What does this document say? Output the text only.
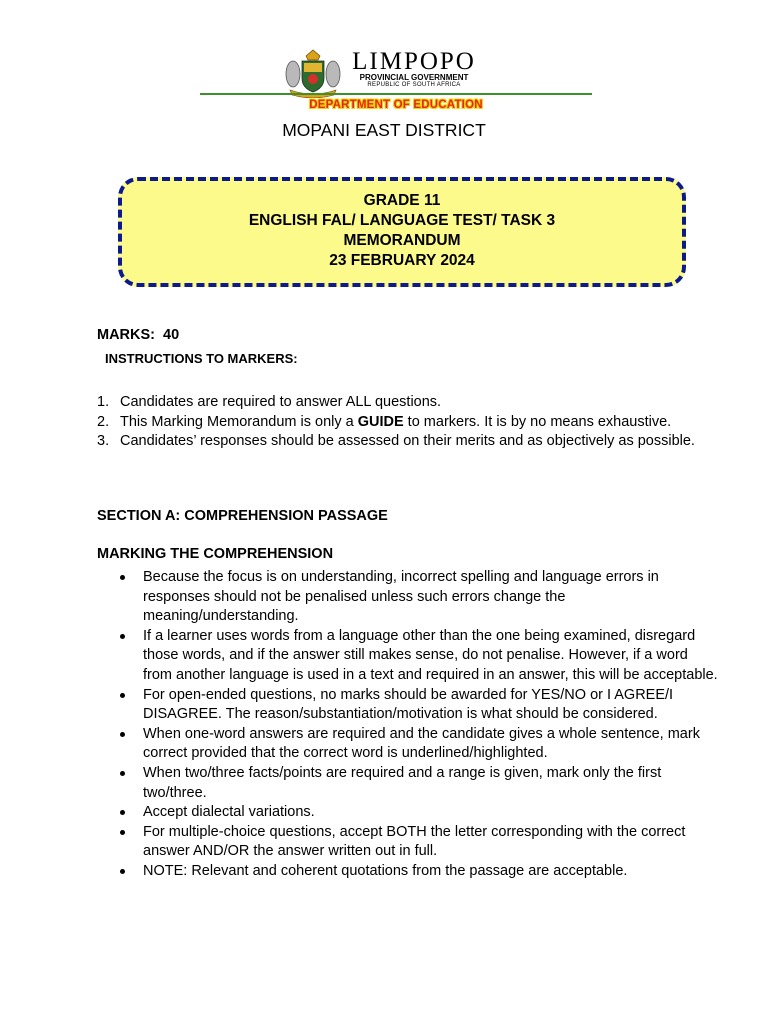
LIMPOPO
PROVINCIAL GOVERNMENT
REPUBLIC OF SOUTH AFRICA
DEPARTMENT OF EDUCATION
MOPANI EAST DISTRICT
GRADE 11
ENGLISH FAL/ LANGUAGE TEST/ TASK 3
MEMORANDUM
23 FEBRUARY 2024
MARKS:  40
INSTRUCTIONS TO MARKERS:
1. Candidates are required to answer ALL questions.
2. This Marking Memorandum is only a GUIDE to markers. It is by no means exhaustive.
3. Candidates’ responses should be assessed on their merits and as objectively as possible.
SECTION A: COMPREHENSION PASSAGE
MARKING THE COMPREHENSION
Because the focus is on understanding, incorrect spelling and language errors in responses should not be penalised unless such errors change the meaning/understanding.
If a learner uses words from a language other than the one being examined, disregard those words, and if the answer still makes sense, do not penalise. However, if a word from another language is used in a text and required in an answer, this will be acceptable.
For open-ended questions, no marks should be awarded for YES/NO or I AGREE/I DISAGREE. The reason/substantiation/motivation is what should be considered.
When one-word answers are required and the candidate gives a whole sentence, mark correct provided that the correct word is underlined/highlighted.
When two/three facts/points are required and a range is given, mark only the first two/three.
Accept dialectal variations.
For multiple-choice questions, accept BOTH the letter corresponding with the correct answer AND/OR the answer written out in full.
NOTE: Relevant and coherent quotations from the passage are acceptable.
